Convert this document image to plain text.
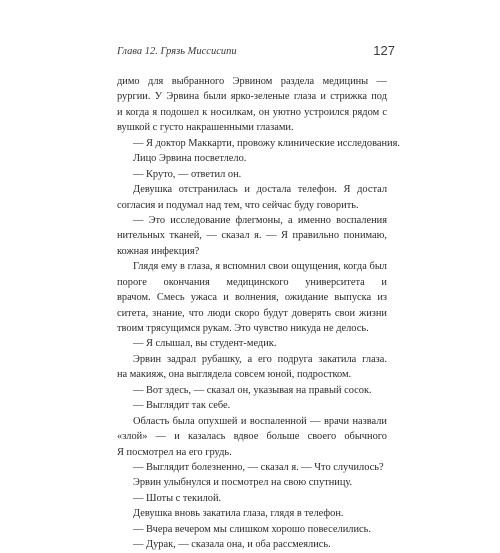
Глава 12. Грязь Миссисипи	127
димо для выбранного Эрвином раздела медицины —
рургии. У Эрвина были ярко-зеленые глаза и стрижка под
и когда я подошел к носилкам, он уютно устроился рядом с
вушкой с густо накрашенными глазами.
— Я доктор Маккарти, провожу клинические исследования.
Лицо Эрвина посветлело.
— Круто, — ответил он.
Девушка отстранилась и достала телефон. Я достал
согласия и подумал над тем, что сейчас буду говорить.
— Это исследование флегмоны, а именно воспаления
нительных тканей, — сказал я. — Я правильно понимаю,
кожная инфекция?
Глядя ему в глаза, я вспомнил свои ощущения, когда был
пороге окончания медицинского университета и
врачом. Смесь ужаса и волнения, ожидание выпуска из
ситета, знание, что люди скоро будут доверять свои жизни
твоим трясущимся рукам. Это чувство никуда не делось.
— Я слышал, вы студент-медик.
Эрвин задрал рубашку, а его подруга закатила глаза.
на макияж, она выглядела совсем юной, подростком.
— Вот здесь, — сказал он, указывая на правый сосок.
— Выглядит так себе.
Область была опухшей и воспаленной — врачи назвали
«злой» — и казалась вдвое больше своего обычного
Я посмотрел на его грудь.
— Выглядит болезненно, — сказал я. — Что случилось?
Эрвин улыбнулся и посмотрел на свою спутницу.
— Шоты с текилой.
Девушка вновь закатила глаза, глядя в телефон.
— Вчера вечером мы слишком хорошо повеселились.
— Дурак, — сказала она, и оба рассмеялись.
